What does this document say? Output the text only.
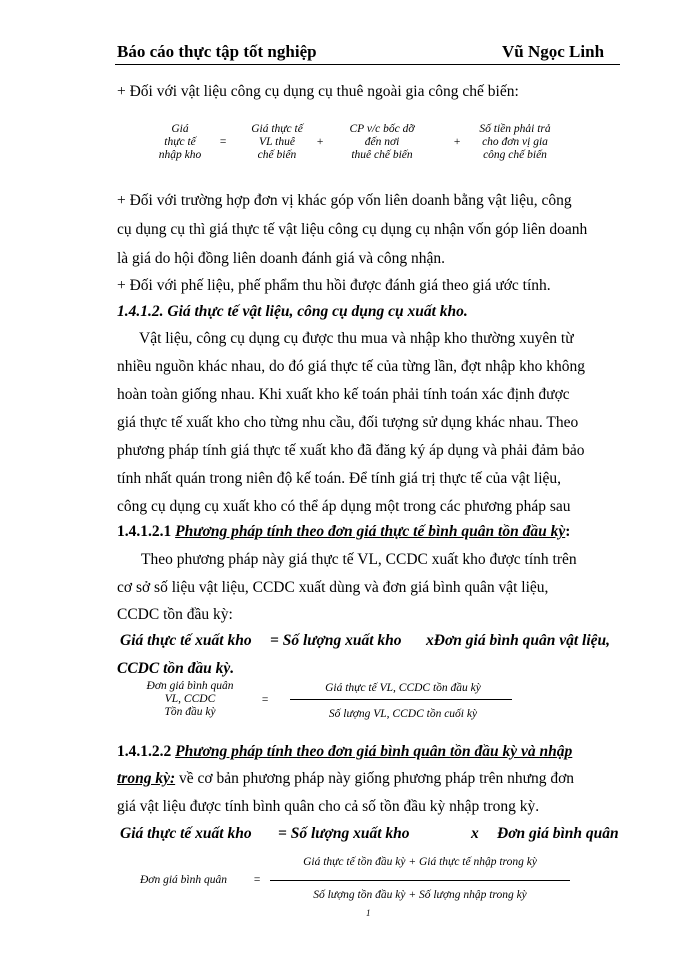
Báo cáo thực tập tốt nghiệp	Vũ Ngọc Linh
+ Đối với vật liệu công cụ dụng cụ thuê ngoài gia công chế biến:
Giá
thực tế
nhập kho
=
Giá thực tế
VL thuê
chế biến
+
CP v/c bốc dỡ
đến nơi
thuê chế biến
+
Số tiền phải trả
cho đơn vị gia
công chế biến
+ Đối với trường hợp đơn vị khác góp vốn liên doanh bằng vật liệu, công
cụ dụng cụ thì giá thực tế vật liệu công cụ dụng cụ nhận vốn góp liên doanh
là giá do hội đồng liên doanh đánh giá và công nhận.
+ Đối với phế liệu, phế phẩm thu hồi được đánh giá theo giá ước tính.
1.4.1.2. Giá thực tế vật liệu, công cụ dụng cụ xuất kho.
Vật liệu, công cụ dụng cụ được thu mua và nhập kho thường xuyên từ
nhiều nguồn khác nhau, do đó giá thực tế của từng lần, đợt nhập kho không
hoàn toàn giống nhau. Khi xuất kho kế toán phải tính toán xác định được
giá thực tế xuất kho cho từng nhu cầu, đối tượng sử dụng khác nhau. Theo
phương pháp tính giá thực tế xuất kho đã đăng ký áp dụng và phải đảm bảo
tính nhất quán trong niên độ kế toán. Để tính giá trị thực tế của vật liệu,
công cụ dụng cụ xuất kho có thể áp dụng một trong các phương pháp sau
1.4.1.2.1 Phương pháp tính theo đơn giá thực tế bình quân tồn đầu kỳ:
Theo phương pháp này giá thực tế VL, CCDC xuất kho được tính trên
cơ sở số liệu vật liệu, CCDC xuất dùng và đơn giá bình quân vật liệu,
CCDC tồn đầu kỳ:
Giá thực tế xuất kho = Số lượng xuất kho xĐơn giá bình quân vật liệu,
CCDC tồn đầu kỳ.
Đơn giá bình quân
VL, CCDC
Tồn đầu kỳ
=
Giá thực tế VL, CCDC tồn đầu kỳ
Số lượng VL, CCDC tồn cuối kỳ
1.4.1.2.2 Phương pháp tính theo đơn giá bình quân tồn đầu kỳ và nhập
trong kỳ: về cơ bản phương pháp này giống phương pháp trên nhưng đơn
giá vật liệu được tính bình quân cho cả số tồn đầu kỳ nhập trong kỳ.
Giá thực tế xuất kho = Số lượng xuất kho	x Đơn giá bình quân
Đơn giá bình quân =
Giá thực tế tồn đầu kỳ + Giá thực tế nhập trong kỳ
Số lượng tồn đầu kỳ + Số lượng nhập trong kỳ
1
